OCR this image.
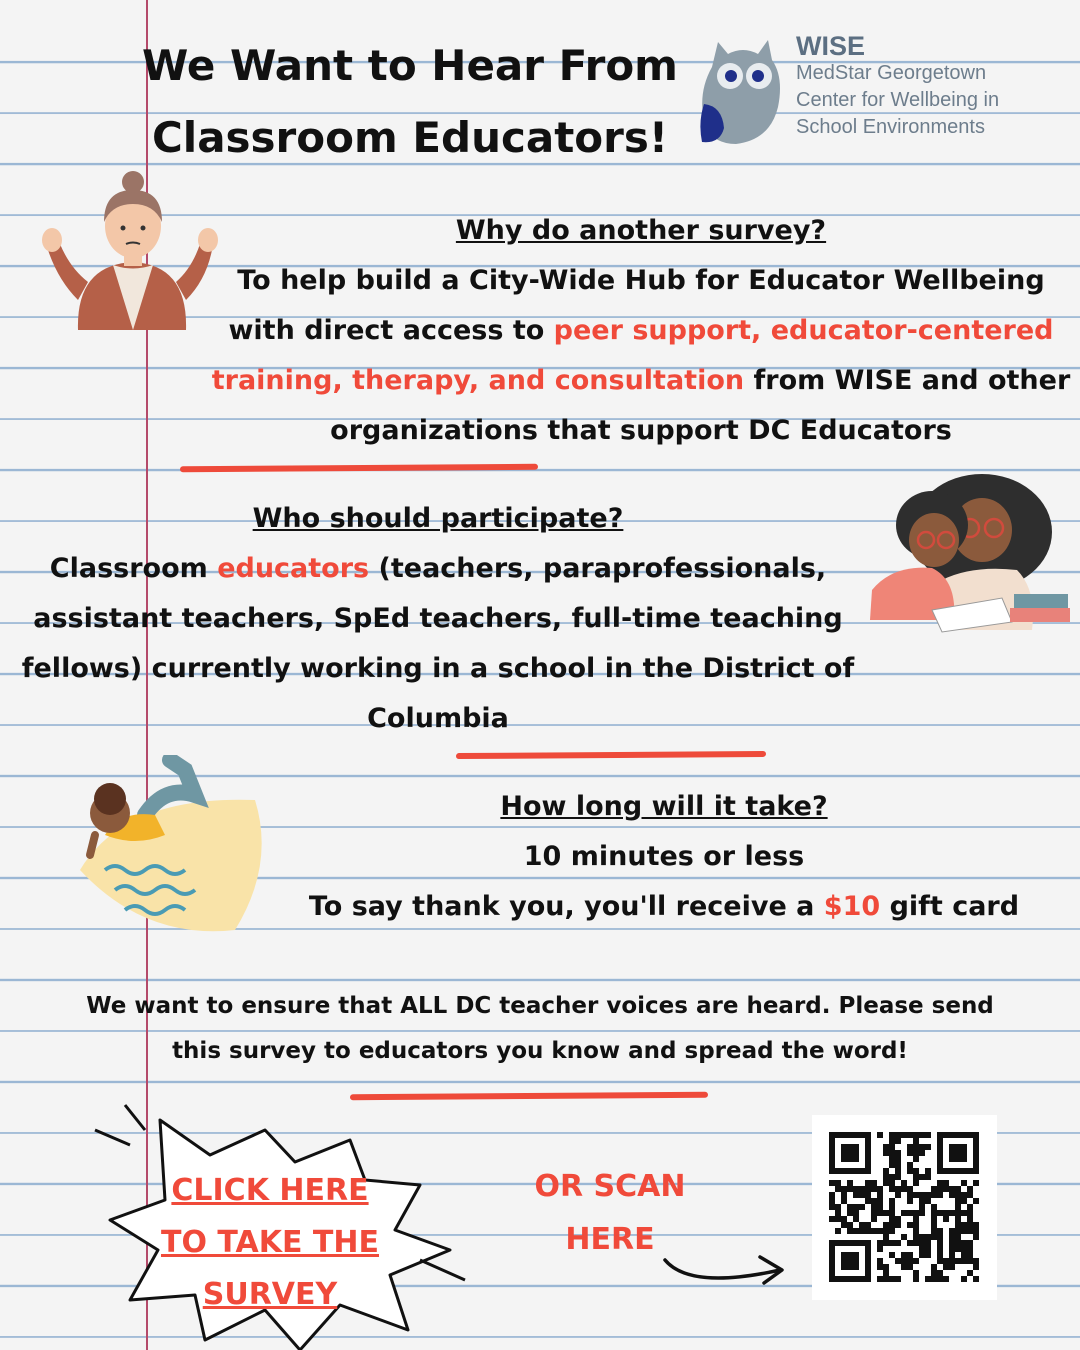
We Want to Hear From
Classroom Educators!
WISE
MedStar Georgetown
Center for Wellbeing in
School Environments
Why do another survey?
To help build a City-Wide Hub for Educator Wellbeing with direct access to peer support, educator-centered training, therapy, and consultation from WISE and other organizations that support DC Educators
Who should participate?
Classroom educators (teachers, paraprofessionals, assistant teachers, SpEd teachers, full-time teaching fellows) currently working in a school in the District of Columbia
How long will it take?
10 minutes or less
To say thank you, you'll receive a $10 gift card
We want to ensure that ALL DC teacher voices are heard. Please send this survey to educators you know and spread the word!
CLICK HERE
TO TAKE THE
SURVEY
OR SCAN
HERE
